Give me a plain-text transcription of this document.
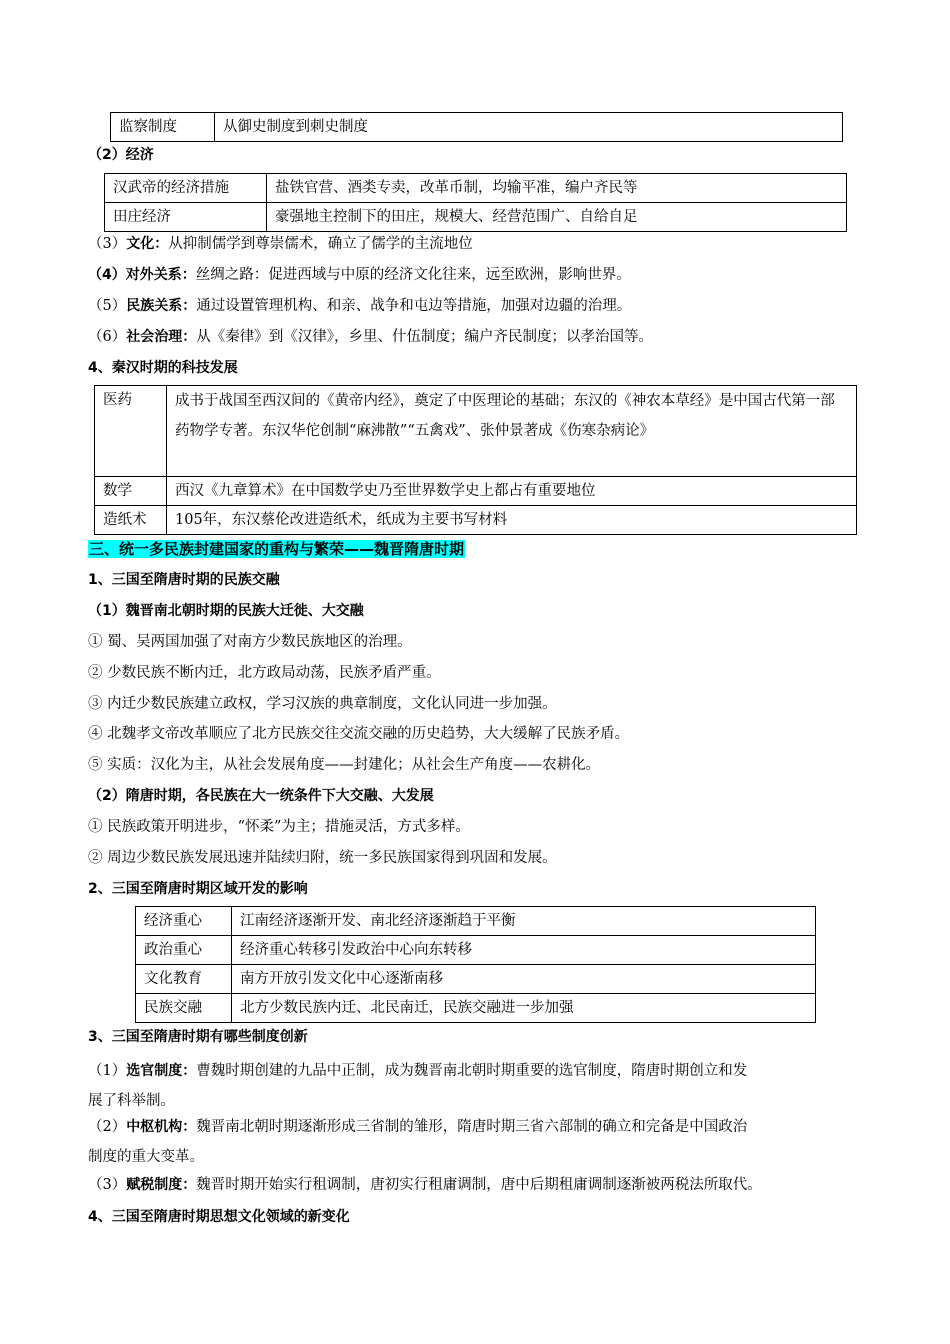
监察制度	从御史制度到刺史制度
（2）经济
汉武帝的经济措施	盐铁官营、酒类专卖，改革币制，均输平准，编户齐民等
田庄经济	豪强地主控制下的田庄，规模大、经营范围广、自给自足
（3）文化：从抑制儒学到尊崇儒术，确立了儒学的主流地位
（4）对外关系：丝绸之路：促进西域与中原的经济文化往来，远至欧洲，影响世界。
（5）民族关系：通过设置管理机构、和亲、战争和屯边等措施，加强对边疆的治理。
（6）社会治理：从《秦律》到《汉律》，乡里、什伍制度；编户齐民制度；以孝治国等。
4、秦汉时期的科技发展
医药	成书于战国至西汉间的《黄帝内经》，奠定了中医理论的基础；东汉的《神农本草经》是中国古代第一部药物学专著。东汉华佗创制“麻沸散”“五禽戏”、张仲景著成《伤寒杂病论》
数学	西汉《九章算术》在中国数学史乃至世界数学史上都占有重要地位
造纸术	105年，东汉蔡伦改进造纸术，纸成为主要书写材料
三、统一多民族封建国家的重构与繁荣——魏晋隋唐时期
1、三国至隋唐时期的民族交融
（1）魏晋南北朝时期的民族大迁徙、大交融
① 蜀、吴两国加强了对南方少数民族地区的治理。
② 少数民族不断内迁，北方政局动荡，民族矛盾严重。
③ 内迁少数民族建立政权，学习汉族的典章制度，文化认同进一步加强。
④ 北魏孝文帝改革顺应了北方民族交往交流交融的历史趋势，大大缓解了民族矛盾。
⑤ 实质：汉化为主，从社会发展角度——封建化；从社会生产角度——农耕化。
（2）隋唐时期，各民族在大一统条件下大交融、大发展
① 民族政策开明进步，“怀柔”为主；措施灵活，方式多样。
② 周边少数民族发展迅速并陆续归附，统一多民族国家得到巩固和发展。
2、三国至隋唐时期区域开发的影响
经济重心	江南经济逐渐开发、南北经济逐渐趋于平衡
政治重心	经济重心转移引发政治中心向东转移
文化教育	南方开放引发文化中心逐渐南移
民族交融	北方少数民族内迁、北民南迁，民族交融进一步加强
3、三国至隋唐时期有哪些制度创新
（1）选官制度：曹魏时期创建的九品中正制，成为魏晋南北朝时期重要的选官制度，隋唐时期创立和发
展了科举制。
（2）中枢机构：魏晋南北朝时期逐渐形成三省制的雏形，隋唐时期三省六部制的确立和完备是中国政治
制度的重大变革。
（3）赋税制度：魏晋时期开始实行租调制，唐初实行租庸调制，唐中后期租庸调制逐渐被两税法所取代。
4、三国至隋唐时期思想文化领域的新变化
